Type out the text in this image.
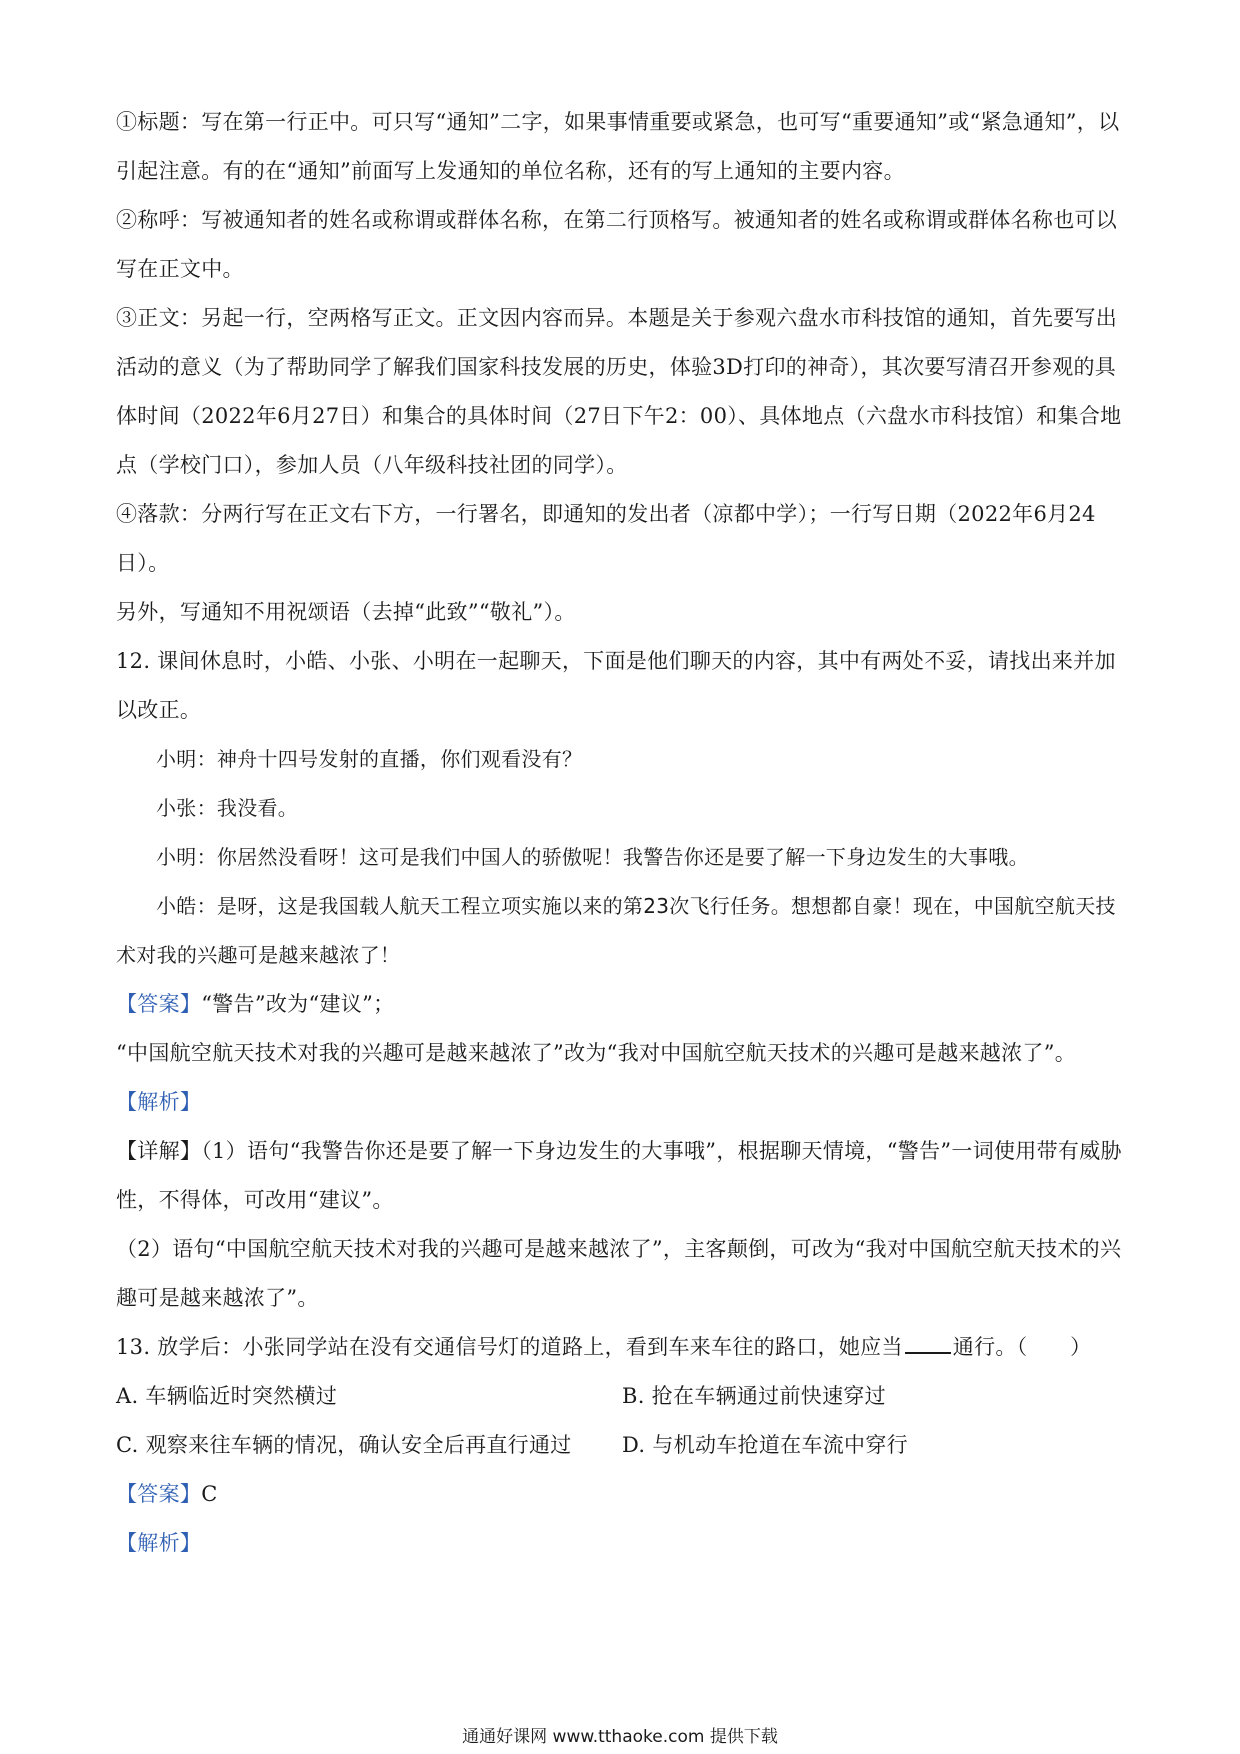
①标题：写在第一行正中。可只写“通知”二字，如果事情重要或紧急，也可写“重要通知”或“紧急通知”，以引起注意。有的在“通知”前面写上发通知的单位名称，还有的写上通知的主要内容。

②称呼：写被通知者的姓名或称谓或群体名称，在第二行顶格写。被通知者的姓名或称谓或群体名称也可以写在正文中。

③正文：另起一行，空两格写正文。正文因内容而异。本题是关于参观六盘水市科技馆的通知，首先要写出活动的意义（为了帮助同学了解我们国家科技发展的历史，体验3D打印的神奇），其次要写清召开参观的具体时间（2022年6月27日）和集合的具体时间（27日下午2：00）、具体地点（六盘水市科技馆）和集合地点（学校门口），参加人员（八年级科技社团的同学）。

④落款：分两行写在正文右下方，一行署名，即通知的发出者（凉都中学）；一行写日期（2022年6月24日）。

另外，写通知不用祝颂语（去掉“此致”“敬礼”）。

12. 课间休息时，小皓、小张、小明在一起聊天，下面是他们聊天的内容，其中有两处不妥，请找出来并加以改正。

小明：神舟十四号发射的直播，你们观看没有？

小张：我没看。

小明：你居然没看呀！这可是我们中国人的骄傲呢！我警告你还是要了解一下身边发生的大事哦。

小皓：是呀，这是我国载人航天工程立项实施以来的第23次飞行任务。想想都自豪！现在，中国航空航天技术对我的兴趣可是越来越浓了！

【答案】“警告”改为“建议”；

“中国航空航天技术对我的兴趣可是越来越浓了”改为“我对中国航空航天技术的兴趣可是越来越浓了”。

【解析】

【详解】（1）语句“我警告你还是要了解一下身边发生的大事哦”，根据聊天情境，“警告”一词使用带有威胁性，不得体，可改用“建议”。

（2）语句“中国航空航天技术对我的兴趣可是越来越浓了”，主客颠倒，可改为“我对中国航空航天技术的兴趣可是越来越浓了”。

13. 放学后：小张同学站在没有交通信号灯的道路上，看到车来车往的路口，她应当 通行。（　　）

A. 车辆临近时突然横过	B. 抢在车辆通过前快速穿过

C. 观察来往车辆的情况，确认安全后再直行通过	D. 与机动车抢道在车流中穿行

【答案】C

【解析】

通通好课网 www.tthaoke.com 提供下载
